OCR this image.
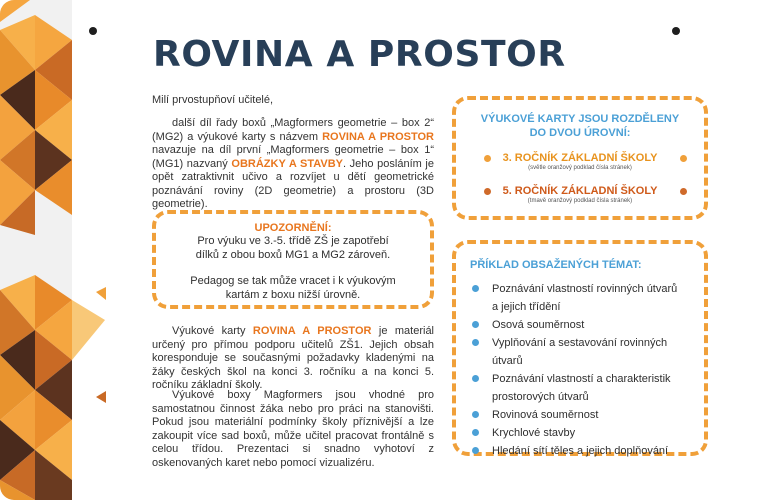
ROVINA A PROSTOR

Milí prvostupňoví učitelé,

další díl řady boxů „Magformers geometrie – box 2“ (MG2) a výukové karty s názvem ROVINA A PROSTOR navazuje na díl první „Magformers geometrie – box 1“ (MG1) nazvaný OBRÁZKY A STAVBY. Jeho posláním je opět zatraktivnit učivo a rozvíjet u dětí geometrické poznávání roviny (2D geometrie) a prostoru (3D geometrie).

UPOZORNĚNÍ:

Pro výuku ve 3.-5. třídě ZŠ je zapotřebí

dílků z obou boxů MG1 a MG2 zároveň.

Pedagog se tak může vracet i k výukovým

kartám z boxu nižší úrovně.

Výukové karty ROVINA A PROSTOR je materiál určený pro přímou podporu učitelů ZŠ1. Jejich obsah koresponduje se současnými požadavky kladenými na žáky českých škol na konci 3. ročníku a na konci 5. ročníku základní školy.

Výukové boxy Magformers jsou vhodné pro samostatnou činnost žáka nebo pro práci na stanovišti. Pokud jsou materiální podmínky školy příznivější a lze zakoupit více sad boxů, může učitel pracovat frontálně s celou třídou. Prezentaci si snadno vyhotoví z oskenovaných karet nebo pomocí vizualizéru.

VÝUKOVÉ KARTY JSOU ROZDĚLENY
DO DVOU ÚROVNÍ:

3. ROČNÍK ZÁKLADNÍ ŠKOLY
(světle oranžový podklad čísla stránek)
5. ROČNÍK ZÁKLADNÍ ŠKOLY
(tmavě oranžový podklad čísla stránek)

PŘÍKLAD OBSAŽENÝCH TÉMAT:

Poznávání vlastností rovinných útvarů
a jejich třídění
Osová souměrnost
Vyplňování a sestavování rovinných útvarů
Poznávání vlastností a charakteristik
prostorových útvarů
Rovinová souměrnost
Krychlové stavby
Hledání sítí těles a jejich doplňování
